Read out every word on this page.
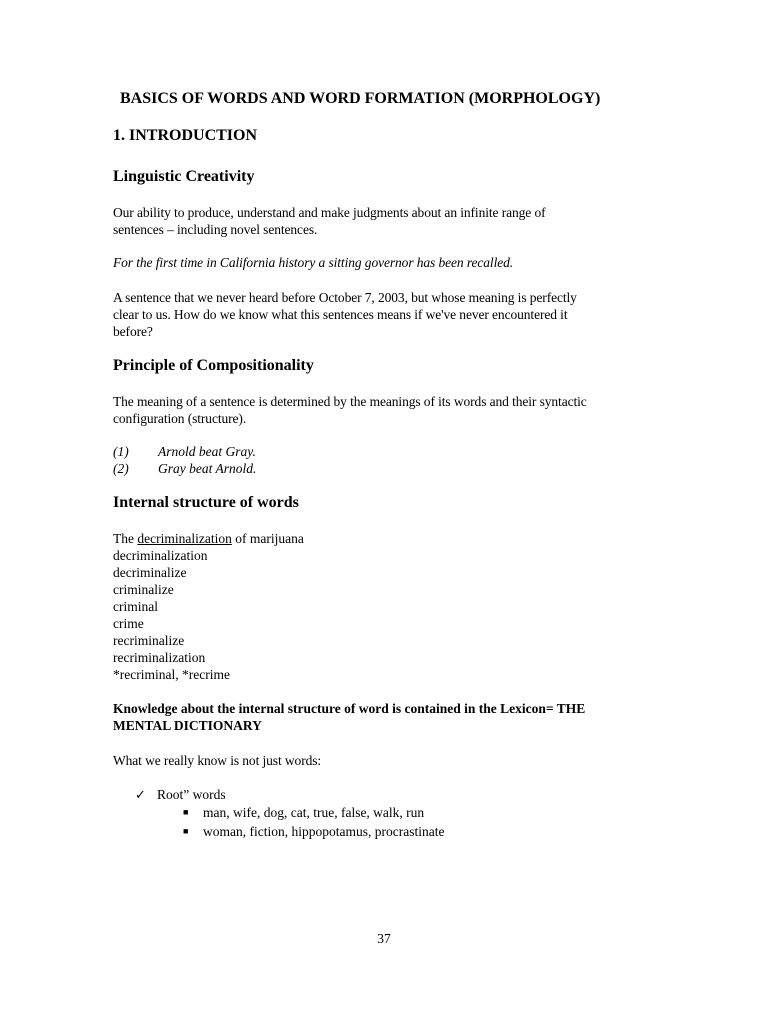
BASICS OF WORDS AND WORD FORMATION (MORPHOLOGY)
1. INTRODUCTION
Linguistic Creativity

Our ability to produce, understand and make judgments about an infinite range of
sentences – including novel sentences.

For the first time in California history a sitting governor has been recalled.

A sentence that we never heard before October 7, 2003, but whose meaning is perfectly
clear to us. How do we know what this sentences means if we've never encountered it
before?

Principle of Compositionality

The meaning of a sentence is determined by the meanings of its words and their syntactic
configuration (structure).

(1) Arnold beat Gray.
(2) Gray beat Arnold.
Internal structure of words
The decriminalization of marijuana
decriminalization
decriminalize
criminalize
criminal
crime
recriminalize
recriminalization
*recriminal, *recrime

Knowledge about the internal structure of word is contained in the Lexicon= THE
MENTAL DICTIONARY

What we really know is not just words:

✓ Root” words
■ man, wife, dog, cat, true, false, walk, run
■ woman, fiction, hippopotamus, procrastinate
37
